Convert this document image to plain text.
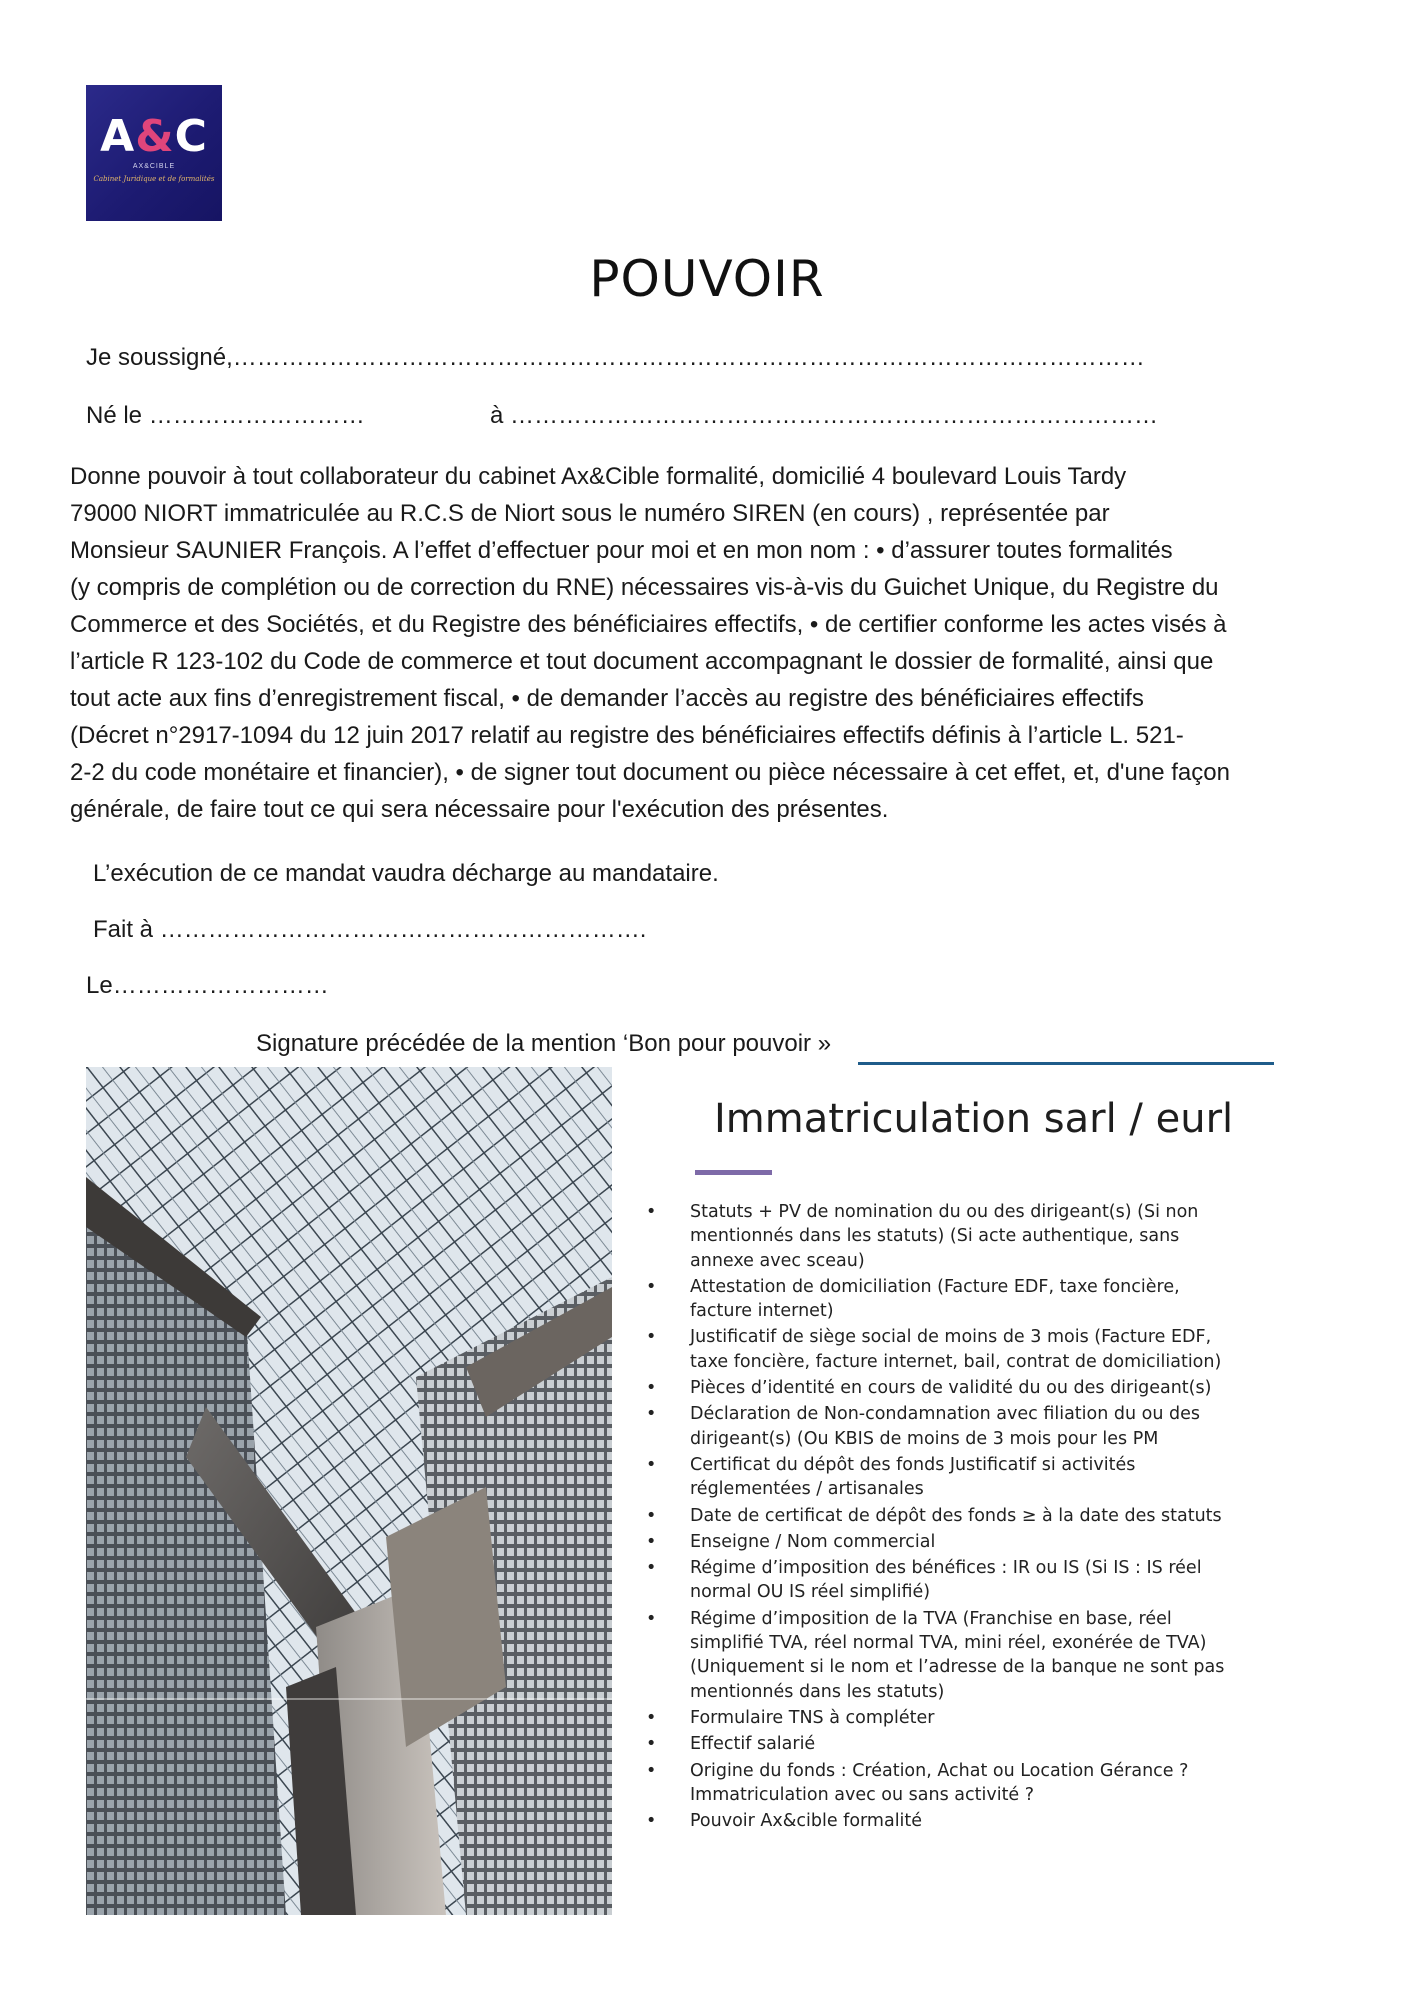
A&C
AX&CIBLE
Cabinet Juridique et de formalités
POUVOIR
Je soussigné,……………………………………………………………………………………………………
Né le ………………………	à ………………………………………………………………………
Donne pouvoir à tout collaborateur du cabinet Ax&Cible formalité, domicilié 4 boulevard Louis Tardy
79000 NIORT immatriculée au R.C.S de Niort sous le numéro SIREN (en cours) , représentée par
Monsieur SAUNIER François. A l’effet d’effectuer pour moi et en mon nom : • d’assurer toutes formalités
(y compris de complétion ou de correction du RNE) nécessaires vis-à-vis du Guichet Unique, du Registre du
Commerce et des Sociétés, et du Registre des bénéficiaires effectifs, • de certifier conforme les actes visés à
l’article R 123-102 du Code de commerce et tout document accompagnant le dossier de formalité, ainsi que
tout acte aux fins d’enregistrement fiscal, • de demander l’accès au registre des bénéficiaires effectifs
(Décret n°2917-1094 du 12 juin 2017 relatif au registre des bénéficiaires effectifs définis à l’article L. 521-
2-2 du code monétaire et financier), • de signer tout document ou pièce nécessaire à cet effet, et, d'une façon
générale, de faire tout ce qui sera nécessaire pour l'exécution des présentes.
L’exécution de ce mandat vaudra décharge au mandataire.
Fait à …………………………………………………….
Le………………………
Signature précédée de la mention ‘Bon pour pouvoir »
Immatriculation sarl / eurl
• Statuts + PV de nomination du ou des dirigeant(s) (Si non
mentionnés dans les statuts) (Si acte authentique, sans
annexe avec sceau)
• Attestation de domiciliation (Facture EDF, taxe foncière,
facture internet)
• Justificatif de siège social de moins de 3 mois (Facture EDF,
taxe foncière, facture internet, bail, contrat de domiciliation)
• Pièces d’identité en cours de validité du ou des dirigeant(s)
• Déclaration de Non-condamnation avec filiation du ou des
dirigeant(s) (Ou KBIS de moins de 3 mois pour les PM
• Certificat du dépôt des fonds Justificatif si activités
réglementées / artisanales
• Date de certificat de dépôt des fonds ≥ à la date des statuts
• Enseigne / Nom commercial
• Régime d’imposition des bénéfices : IR ou IS (Si IS : IS réel
normal OU IS réel simplifié)
• Régime d’imposition de la TVA (Franchise en base, réel
simplifié TVA, réel normal TVA, mini réel, exonérée de TVA)
(Uniquement si le nom et l’adresse de la banque ne sont pas
mentionnés dans les statuts)
• Formulaire TNS à compléter
• Effectif salarié
• Origine du fonds : Création, Achat ou Location Gérance ?
Immatriculation avec ou sans activité ?
• Pouvoir Ax&cible formalité
